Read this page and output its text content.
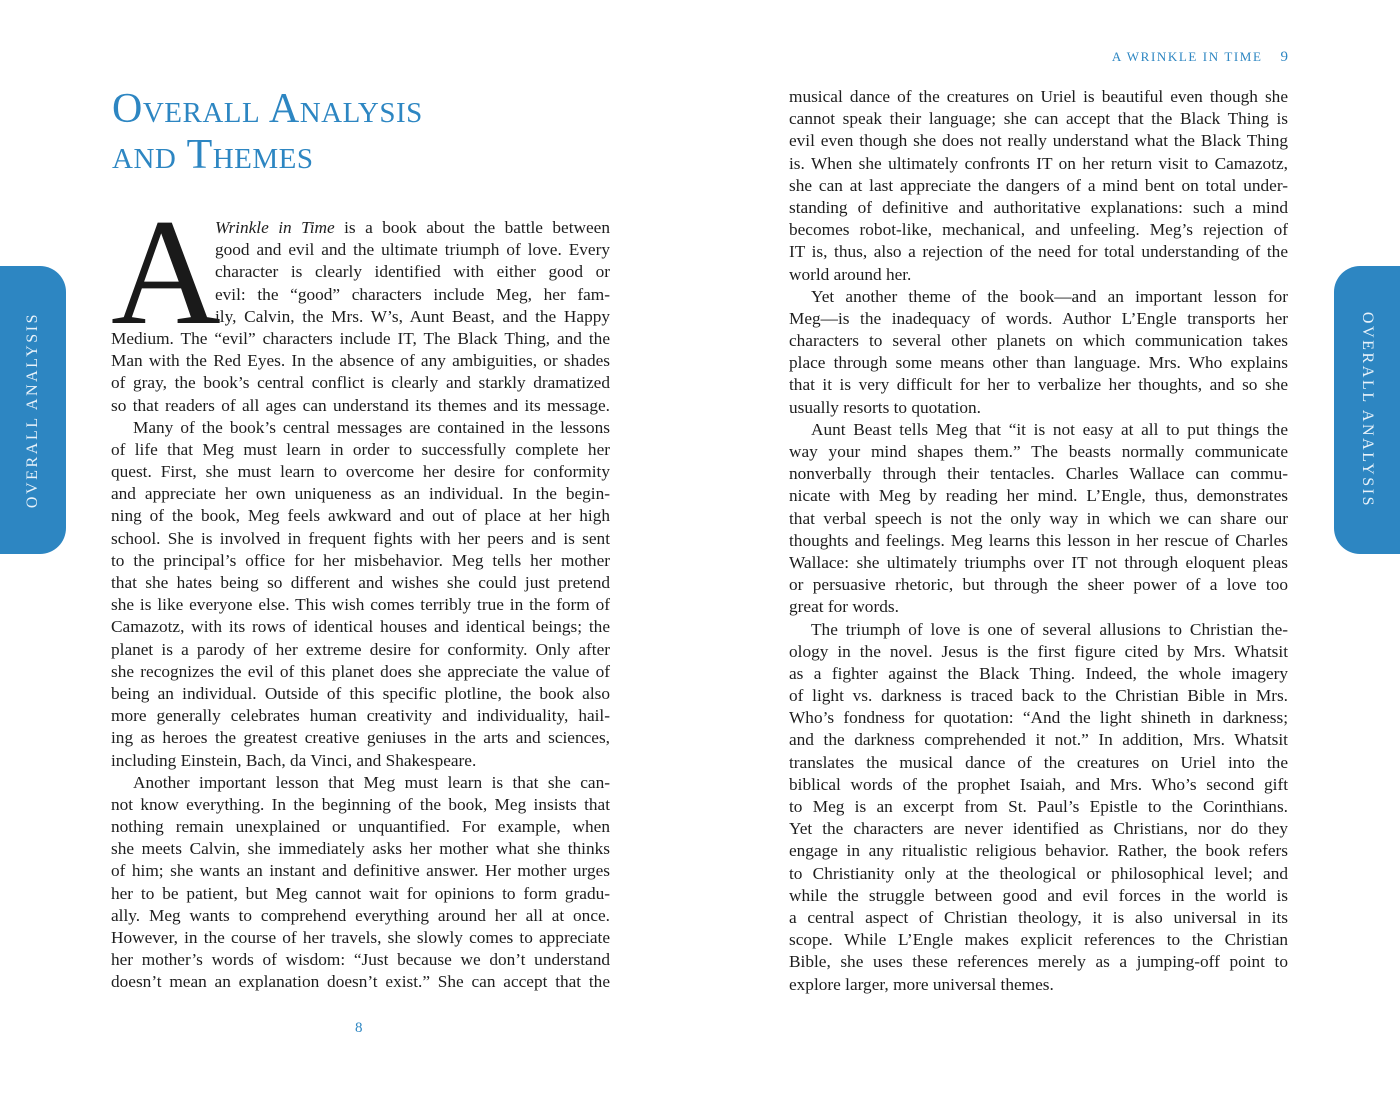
OVERALL ANALYSIS
Overall Analysis
and Themes
A
Wrinkle in Time is a book about the battle between
good and evil and the ultimate triumph of love. Every
character is clearly identified with either good or
evil: the “good” characters include Meg, her fam-
ily, Calvin, the Mrs. W’s, Aunt Beast, and the Happy
Medium. The “evil” characters include IT, The Black Thing, and the
Man with the Red Eyes. In the absence of any ambiguities, or shades
of gray, the book’s central conflict is clearly and starkly dramatized
so that readers of all ages can understand its themes and its message.
Many of the book’s central messages are contained in the lessons
of life that Meg must learn in order to successfully complete her
quest. First, she must learn to overcome her desire for conformity
and appreciate her own uniqueness as an individual. In the begin-
ning of the book, Meg feels awkward and out of place at her high
school. She is involved in frequent fights with her peers and is sent
to the principal’s office for her misbehavior. Meg tells her mother
that she hates being so different and wishes she could just pretend
she is like everyone else. This wish comes terribly true in the form of
Camazotz, with its rows of identical houses and identical beings; the
planet is a parody of her extreme desire for conformity. Only after
she recognizes the evil of this planet does she appreciate the value of
being an individual. Outside of this specific plotline, the book also
more generally celebrates human creativity and individuality, hail-
ing as heroes the greatest creative geniuses in the arts and sciences,
including Einstein, Bach, da Vinci, and Shakespeare.
Another important lesson that Meg must learn is that she can-
not know everything. In the beginning of the book, Meg insists that
nothing remain unexplained or unquantified. For example, when
she meets Calvin, she immediately asks her mother what she thinks
of him; she wants an instant and definitive answer. Her mother urges
her to be patient, but Meg cannot wait for opinions to form gradu-
ally. Meg wants to comprehend everything around her all at once.
However, in the course of her travels, she slowly comes to appreciate
her mother’s words of wisdom: “Just because we don’t understand
doesn’t mean an explanation doesn’t exist.” She can accept that the
8
A WRINKLE IN TIME 9
OVERALL ANALYSIS
musical dance of the creatures on Uriel is beautiful even though she
cannot speak their language; she can accept that the Black Thing is
evil even though she does not really understand what the Black Thing
is. When she ultimately confronts IT on her return visit to Camazotz,
she can at last appreciate the dangers of a mind bent on total under-
standing of definitive and authoritative explanations: such a mind
becomes robot-like, mechanical, and unfeeling. Meg’s rejection of
IT is, thus, also a rejection of the need for total understanding of the
world around her.
Yet another theme of the book—and an important lesson for
Meg—is the inadequacy of words. Author L’Engle transports her
characters to several other planets on which communication takes
place through some means other than language. Mrs. Who explains
that it is very difficult for her to verbalize her thoughts, and so she
usually resorts to quotation.
Aunt Beast tells Meg that “it is not easy at all to put things the
way your mind shapes them.” The beasts normally communicate
nonverbally through their tentacles. Charles Wallace can commu-
nicate with Meg by reading her mind. L’Engle, thus, demonstrates
that verbal speech is not the only way in which we can share our
thoughts and feelings. Meg learns this lesson in her rescue of Charles
Wallace: she ultimately triumphs over IT not through eloquent pleas
or persuasive rhetoric, but through the sheer power of a love too
great for words.
The triumph of love is one of several allusions to Christian the-
ology in the novel. Jesus is the first figure cited by Mrs. Whatsit
as a fighter against the Black Thing. Indeed, the whole imagery
of light vs. darkness is traced back to the Christian Bible in Mrs.
Who’s fondness for quotation: “And the light shineth in darkness;
and the darkness comprehended it not.” In addition, Mrs. Whatsit
translates the musical dance of the creatures on Uriel into the
biblical words of the prophet Isaiah, and Mrs. Who’s second gift
to Meg is an excerpt from St. Paul’s Epistle to the Corinthians.
Yet the characters are never identified as Christians, nor do they
engage in any ritualistic religious behavior. Rather, the book refers
to Christianity only at the theological or philosophical level; and
while the struggle between good and evil forces in the world is
a central aspect of Christian theology, it is also universal in its
scope. While L’Engle makes explicit references to the Christian
Bible, she uses these references merely as a jumping-off point to
explore larger, more universal themes.
